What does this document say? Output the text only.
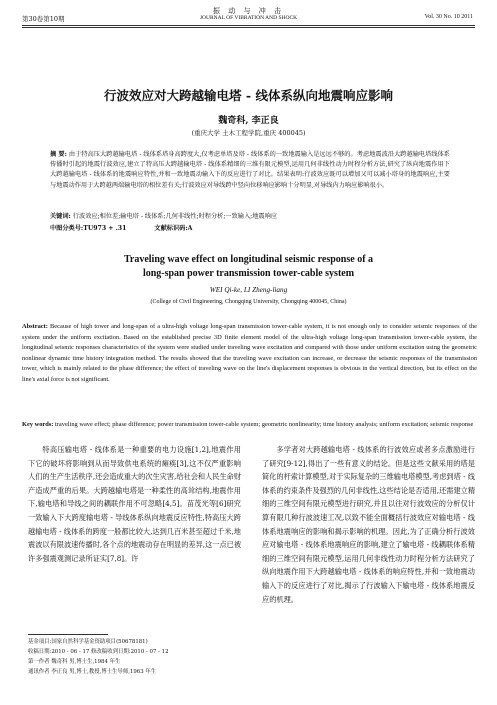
振 动 与 冲 击
JOURNAL OF VIBRATION AND SHOCK
第30卷第10期	Vol. 30 No. 10 2011
行波效应对大跨越输电塔 - 线体系纵向地震响应影响
魏奇科, 李正良
(重庆大学 土木工程学院,重庆 400045)
摘 要: 由于特高压大跨越输电塔 - 线体系塔身高跨度大,仅考虑单塔及塔 - 线体系的一致地震输入是远远不够的。考虑地震波沿大跨越输电塔线体系传播时引起的地震行波效应,建立了特高压大跨越输电塔 - 线体系精细的三维有限元模型,运用几何非线性动力时程分析方法,研究了纵向地震作用下大跨越输电塔 - 线体系的地震响应特性,并和一致地震动输入下的反应进行了对比。结果表明:行波效应既可以增加又可以减小塔身的地震响应,主要与地震动作用于大跨越两端输电塔的相位差有关;行波效应对导线跨中竖向位移响应影响十分明显,对导线内力响应影响很小。
关键词: 行波效应;相位差;输电塔 - 线体系;几何非线性;时程分析;一致输入;地震响应
中图分类号:TU973 + .31	文献标识码:A
Traveling wave effect on longitudinal seismic response of a
long-span power transmission tower-cable system
WEI Qi-ke, LI Zheng-liang
(College of Civil Engineering, Chongqing University, Chongqing 400045, China)
Abstract: Because of high tower and long-span of a ultra-high voltage long-span transmission tower-cable system, it is not enough only to consider seismic responses of the system under the uniform excitation. Based on the established precise 3D finite element model of the ultra-high voltage long-span transmission tower-cable system, the longitudinal seismic responses characteristics of the system were studied under traveling wave excitation and compared with those under uniform excitation using the geometric nonlinear dynamic time history integration method. The results showed that the traveling wave excitation can increase, or decrease the seismic responses of the transmission tower, which is mainly related to the phase difference; the effect of traveling wave on the line's displacement responses is obvious in the vertical direction, but its effect on the line's axial force is not significant.
Key words: traveling wave effect; phase difference; power transmission tower-cable system; geometric nonlinearity; time history analysis; uniform excitation; seismic response
特高压输电塔 - 线体系是一种重要的电力设施[1,2],地震作用下它的破坏将影响到从而导致供电系统的瘫痪[3],这不仅严重影响人们的生产生活秩序,还会造成重大的次生灾害,给社会和人民生命财产造成严重的后果。大跨越输电塔是一种柔性的高耸结构,地震作用下,输电塔和导线之间的耦联作用不可忽略[4,5]。苗茂光等[6]研究一致输入下大跨度输电塔 - 导线体系纵向地震反应特性,特高压大跨越输电塔 - 线体系的跨度一般都比较大,达到几百米甚至超过千米,地震波以有限波速传播时,各个点的地震动存在明显的差异,这一点已被许多强震观测记录所证实[7,8]。许
多学者对大跨越输电塔 - 线体系的行波效应或者多点激励进行了研究[9-12],得出了一些有意义的结论。但是这些文献采用的塔是简化的杆索计算模型,对于实际复杂的三维输电塔模型,考虑到塔 - 线体系的约束条件及强烈的几何非线性,这些结论是否适用,还需建立精细的三维空间有限元模型进行研究,并且以往对行波效应的分析仅计算有限几种行波波速工况,以致不能全面概括行波效应对输电塔 - 线体系地震响应的影响和揭示影响的机理。因此,为了正确分析行波效应对输电塔 - 线体系地震响应的影响,建立了输电塔 - 线耦联体系精细的三维空间有限元模型,运用几何非线性动力时程分析方法研究了纵向地震作用下大跨越输电塔 - 线体系的响应特性,并和一致地震动输入下的反应进行了对比,揭示了行波输入下输电塔 - 线体系地震反应的机理。
基金项目:国家自然科学基金资助项目(50678181)
收稿日期:2010 - 06 - 17 修改稿收到日期:2010 - 07 - 12
第一作者 魏奇科 男,博士生,1984 年生
通讯作者 李正良 男,博士,教授,博士生导师,1963 年生
